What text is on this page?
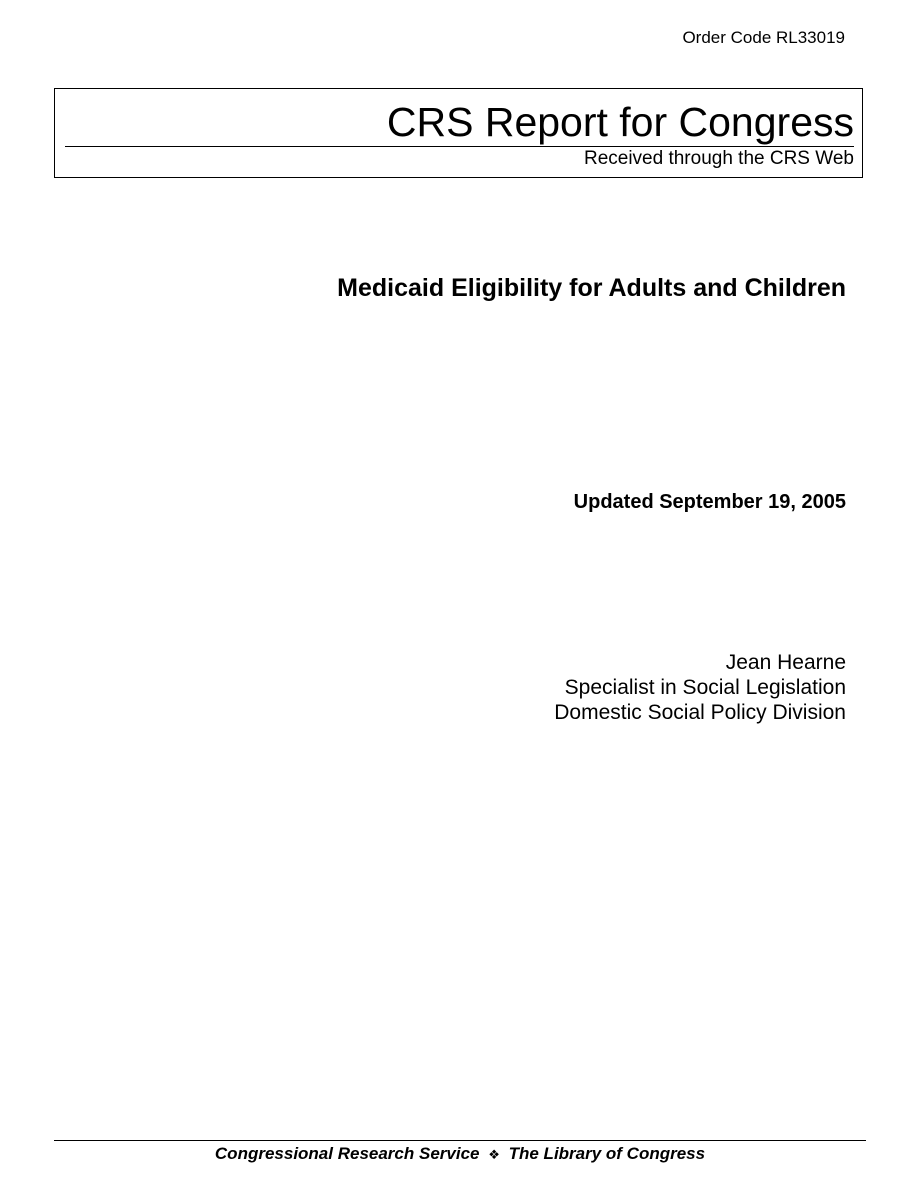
Order Code RL33019
CRS Report for Congress
Received through the CRS Web
Medicaid Eligibility for Adults and Children
Updated September 19, 2005
Jean Hearne
Specialist in Social Legislation
Domestic Social Policy Division
Congressional Research Service ❖ The Library of Congress
